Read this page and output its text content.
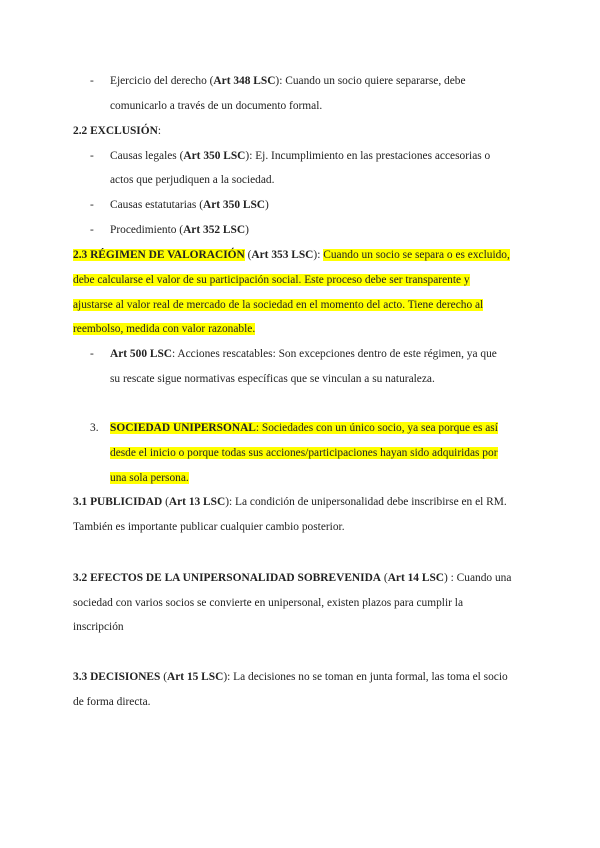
- Ejercicio del derecho (Art 348 LSC): Cuando un socio quiere separarse, debe
comunicarlo a través de un documento formal.
2.2 EXCLUSIÓN:
- Causas legales (Art 350 LSC): Ej. Incumplimiento en las prestaciones accesorias o
actos que perjudiquen a la sociedad.
- Causas estatutarias (Art 350 LSC)
- Procedimiento (Art 352 LSC)
2.3 RÉGIMEN DE VALORACIÓN (Art 353 LSC): Cuando un socio se separa o es excluido,
debe calcularse el valor de su participación social. Este proceso debe ser transparente y
ajustarse al valor real de mercado de la sociedad en el momento del acto. Tiene derecho al
reembolso, medida con valor razonable.
- Art 500 LSC: Acciones rescatables: Son excepciones dentro de este régimen, ya que
su rescate sigue normativas específicas que se vinculan a su naturaleza.
3. SOCIEDAD UNIPERSONAL: Sociedades con un único socio, ya sea porque es así
desde el inicio o porque todas sus acciones/participaciones hayan sido adquiridas por
una sola persona.
3.1 PUBLICIDAD (Art 13 LSC): La condición de unipersonalidad debe inscribirse en el RM.
También es importante publicar cualquier cambio posterior.
3.2 EFECTOS DE LA UNIPERSONALIDAD SOBREVENIDA (Art 14 LSC) : Cuando una
sociedad con varios socios se convierte en unipersonal, existen plazos para cumplir la
inscripción
3.3 DECISIONES (Art 15 LSC): La decisiones no se toman en junta formal, las toma el socio
de forma directa.
